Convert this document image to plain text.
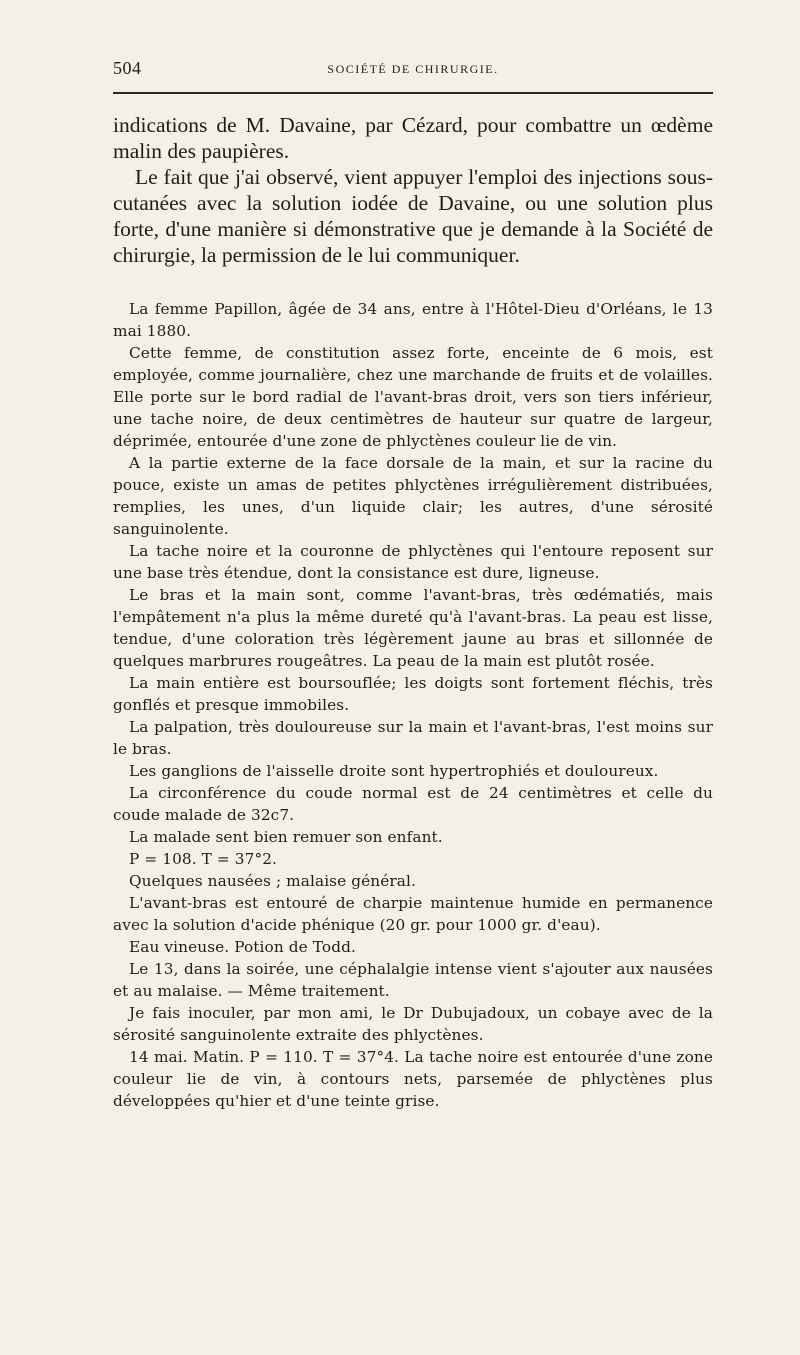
504	SOCIÉTÉ DE CHIRURGIE.

indications de M. Davaine, par Cézard, pour combattre un œdème malin des paupières.

Le fait que j'ai observé, vient appuyer l'emploi des injections sous-cutanées avec la solution iodée de Davaine, ou une solution plus forte, d'une manière si démonstrative que je demande à la Société de chirurgie, la permission de le lui communiquer.

La femme Papillon, âgée de 34 ans, entre à l'Hôtel-Dieu d'Orléans, le 13 mai 1880.

Cette femme, de constitution assez forte, enceinte de 6 mois, est employée, comme journalière, chez une marchande de fruits et de volailles. Elle porte sur le bord radial de l'avant-bras droit, vers son tiers inférieur, une tache noire, de deux centimètres de hauteur sur quatre de largeur, déprimée, entourée d'une zone de phlyctènes couleur lie de vin.

A la partie externe de la face dorsale de la main, et sur la racine du pouce, existe un amas de petites phlyctènes irrégulièrement distribuées, remplies, les unes, d'un liquide clair; les autres, d'une sérosité sanguinolente.

La tache noire et la couronne de phlyctènes qui l'entoure reposent sur une base très étendue, dont la consistance est dure, ligneuse.

Le bras et la main sont, comme l'avant-bras, très œdématiés, mais l'empâtement n'a plus la même dureté qu'à l'avant-bras. La peau est lisse, tendue, d'une coloration très légèrement jaune au bras et sillonnée de quelques marbrures rougeâtres. La peau de la main est plutôt rosée.

La main entière est boursouflée; les doigts sont fortement fléchis, très gonflés et presque immobiles.

La palpation, très douloureuse sur la main et l'avant-bras, l'est moins sur le bras.

Les ganglions de l'aisselle droite sont hypertrophiés et douloureux.

La circonférence du coude normal est de 24 centimètres et celle du coude malade de 32c7.

La malade sent bien remuer son enfant.

P = 108. T = 37°2.

Quelques nausées ; malaise général.

L'avant-bras est entouré de charpie maintenue humide en permanence avec la solution d'acide phénique (20 gr. pour 1000 gr. d'eau).

Eau vineuse. Potion de Todd.

Le 13, dans la soirée, une céphalalgie intense vient s'ajouter aux nausées et au malaise. — Même traitement.

Je fais inoculer, par mon ami, le Dr Dubujadoux, un cobaye avec de la sérosité sanguinolente extraite des phlyctènes.

14 mai. Matin. P = 110. T = 37°4. La tache noire est entourée d'une zone couleur lie de vin, à contours nets, parsemée de phlyctènes plus développées qu'hier et d'une teinte grise.
